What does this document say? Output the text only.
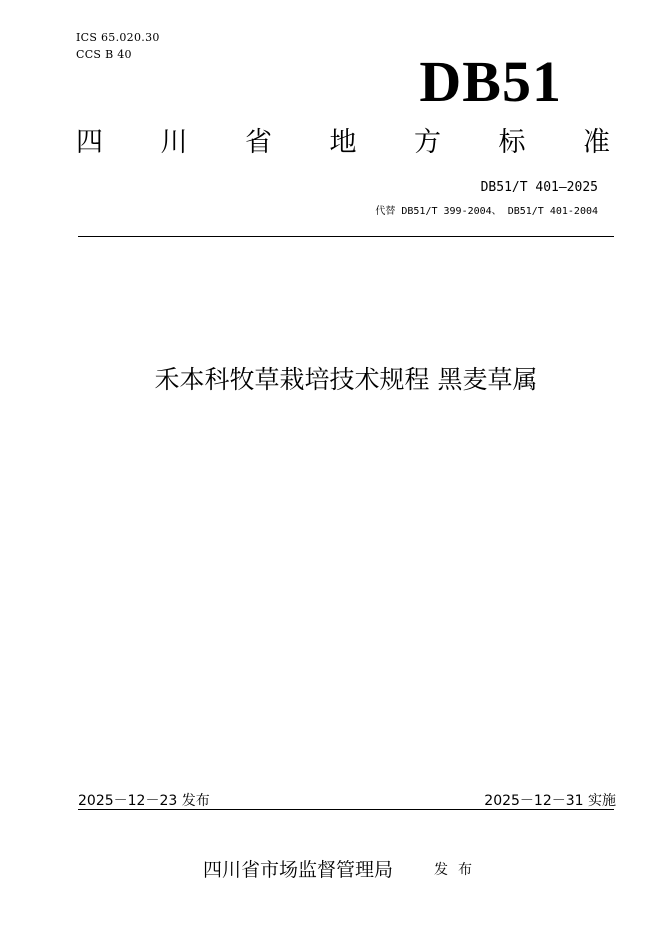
ICS 65.020.30
CCS B 40	DB51
四 川 省 地 方 标 准
DB51/T 401—2025
代替 DB51/T 399-2004、 DB51/T 401-2004
禾本科牧草栽培技术规程 黑麦草属
2025－12－23 发布	2025－12－31 实施
四川省市场监督管理局	发布
